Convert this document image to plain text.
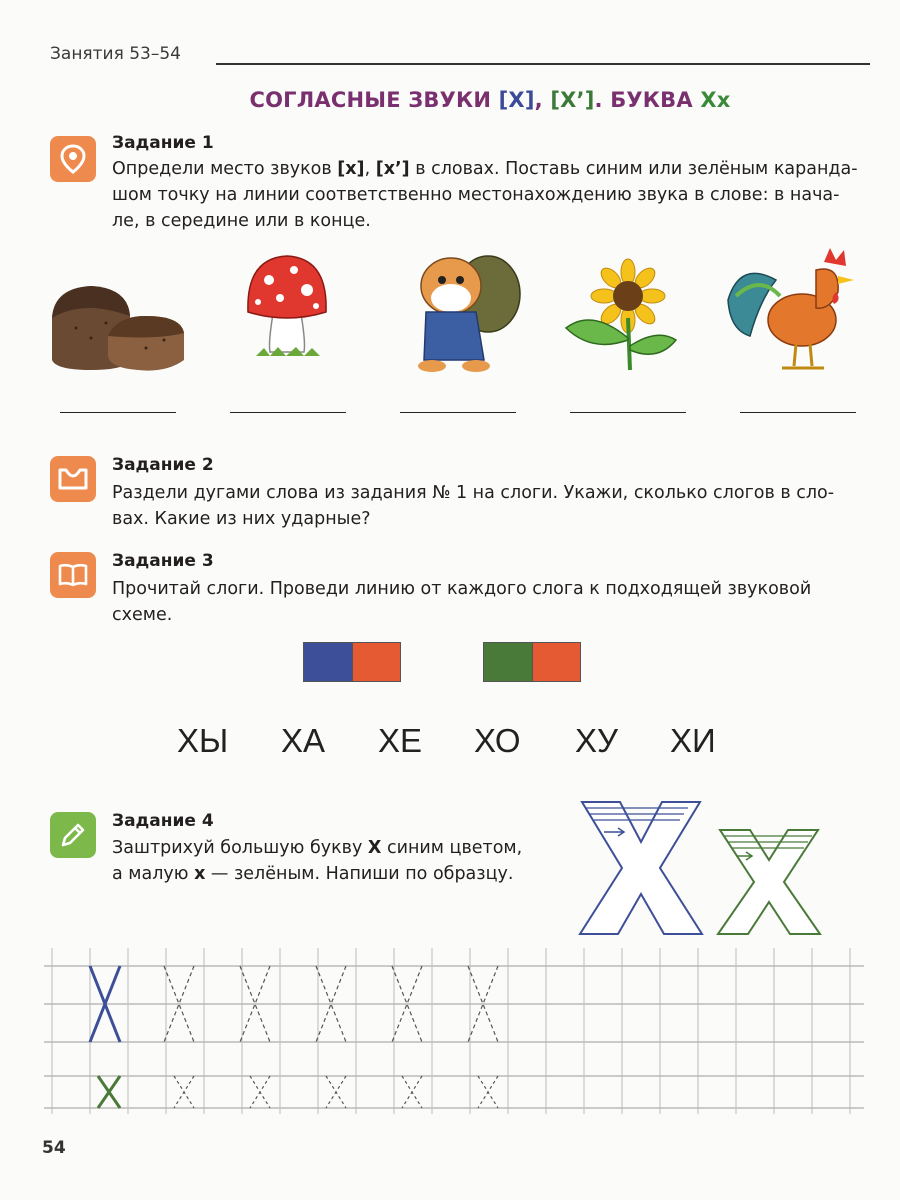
Занятия 53–54
СОГЛАСНЫЕ ЗВУКИ [Х], [Х’]. БУКВА Хх
Задание 1
Определи место звуков [х], [х’] в словах. Поставь синим или зелёным каранда-
шом точку на линии соответственно местонахождению звука в слове: в нача-
ле, в середине или в конце.
Задание 2
Раздели дугами слова из задания № 1 на слоги. Укажи, сколько слогов в сло-
вах. Какие из них ударные?
Задание 3
Прочитай слоги. Проведи линию от каждого слога к подходящей звуковой
схеме.
ХЫ ХА ХЕ ХО ХУ ХИ
Задание 4
Заштрихуй большую букву Х синим цветом,
а малую х — зелёным. Напиши по образцу.
54
